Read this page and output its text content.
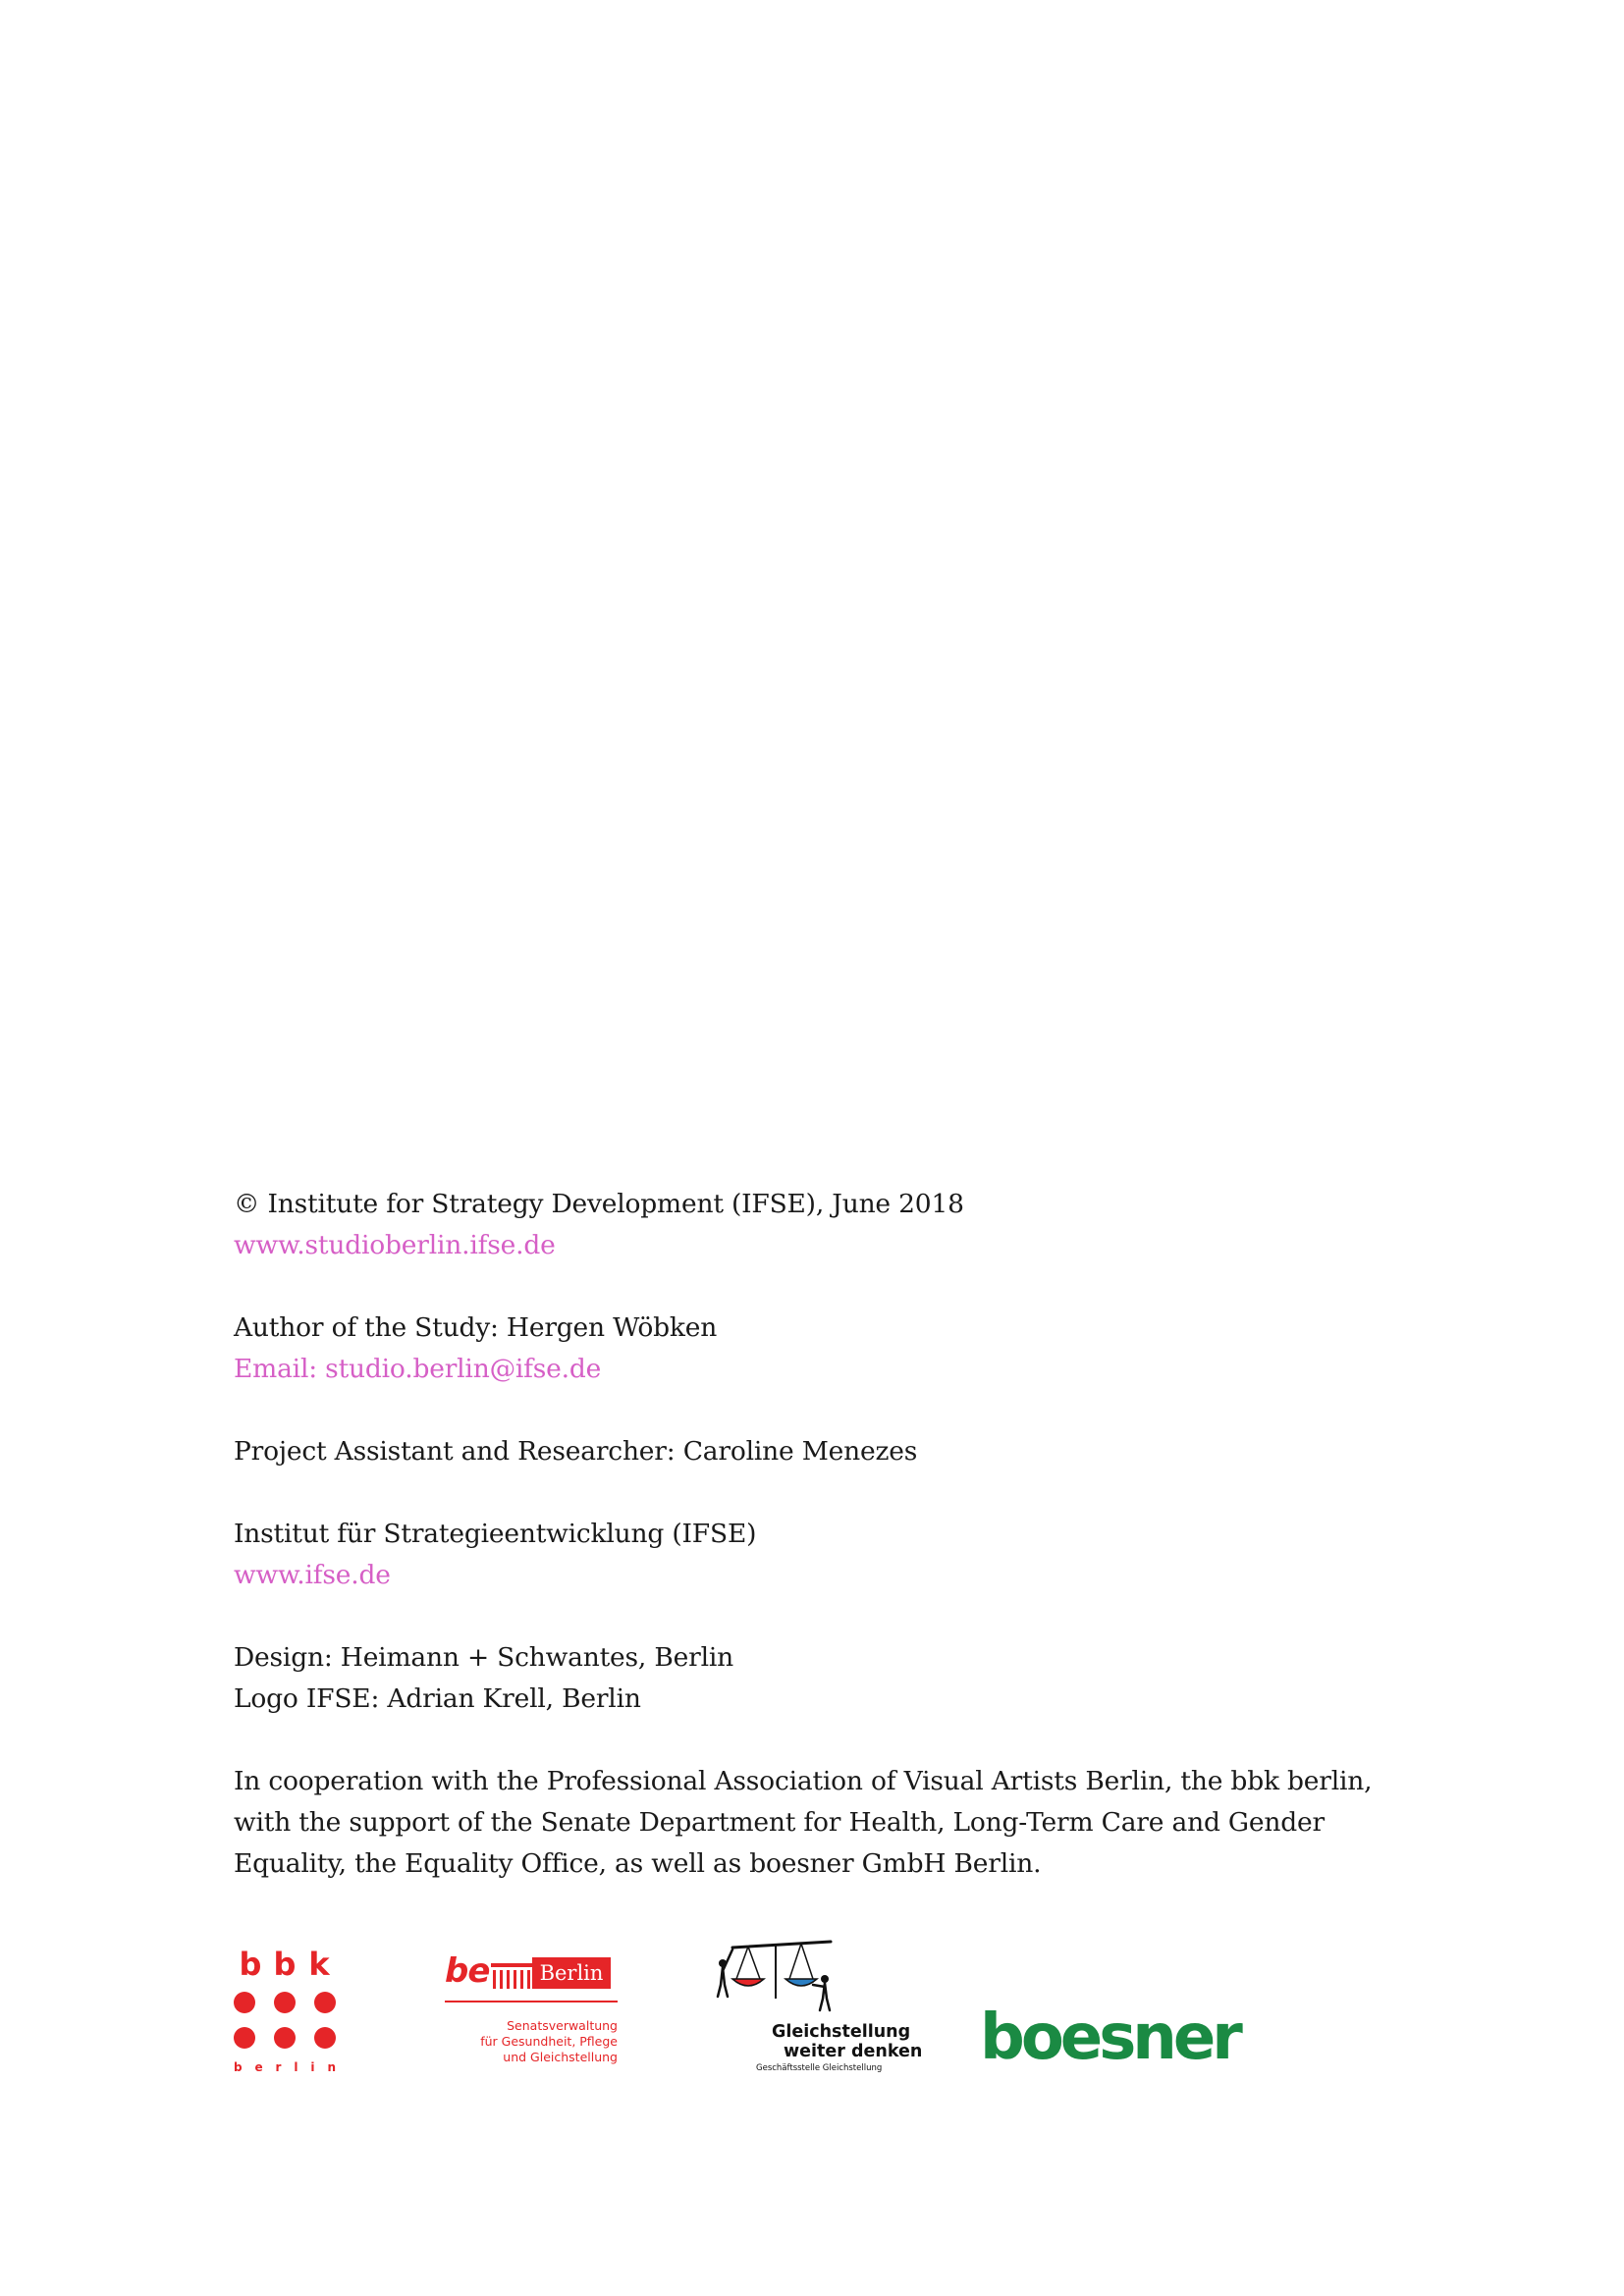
© Institute for Strategy Development (IFSE), June 2018
www.studioberlin.ifse.de
Author of the Study: Hergen Wöbken
Email: studio.berlin@ifse.de
Project Assistant and Researcher: Caroline Menezes
Institut für Strategieentwicklung (IFSE)
www.ifse.de
Design: Heimann + Schwantes, Berlin
Logo IFSE: Adrian Krell, Berlin
In cooperation with the Professional Association of Visual Artists Berlin, the bbk berlin,
with the support of the Senate Department for Health, Long-Term Care and Gender
Equality, the Equality Office, as well as boesner GmbH Berlin.
b b k
b e r l i n
be	Berlin
Senatsverwaltung
für Gesundheit, Pflege
und Gleichstellung
Gleichstellung
weiter denken
Geschäftsstelle Gleichstellung boesner
